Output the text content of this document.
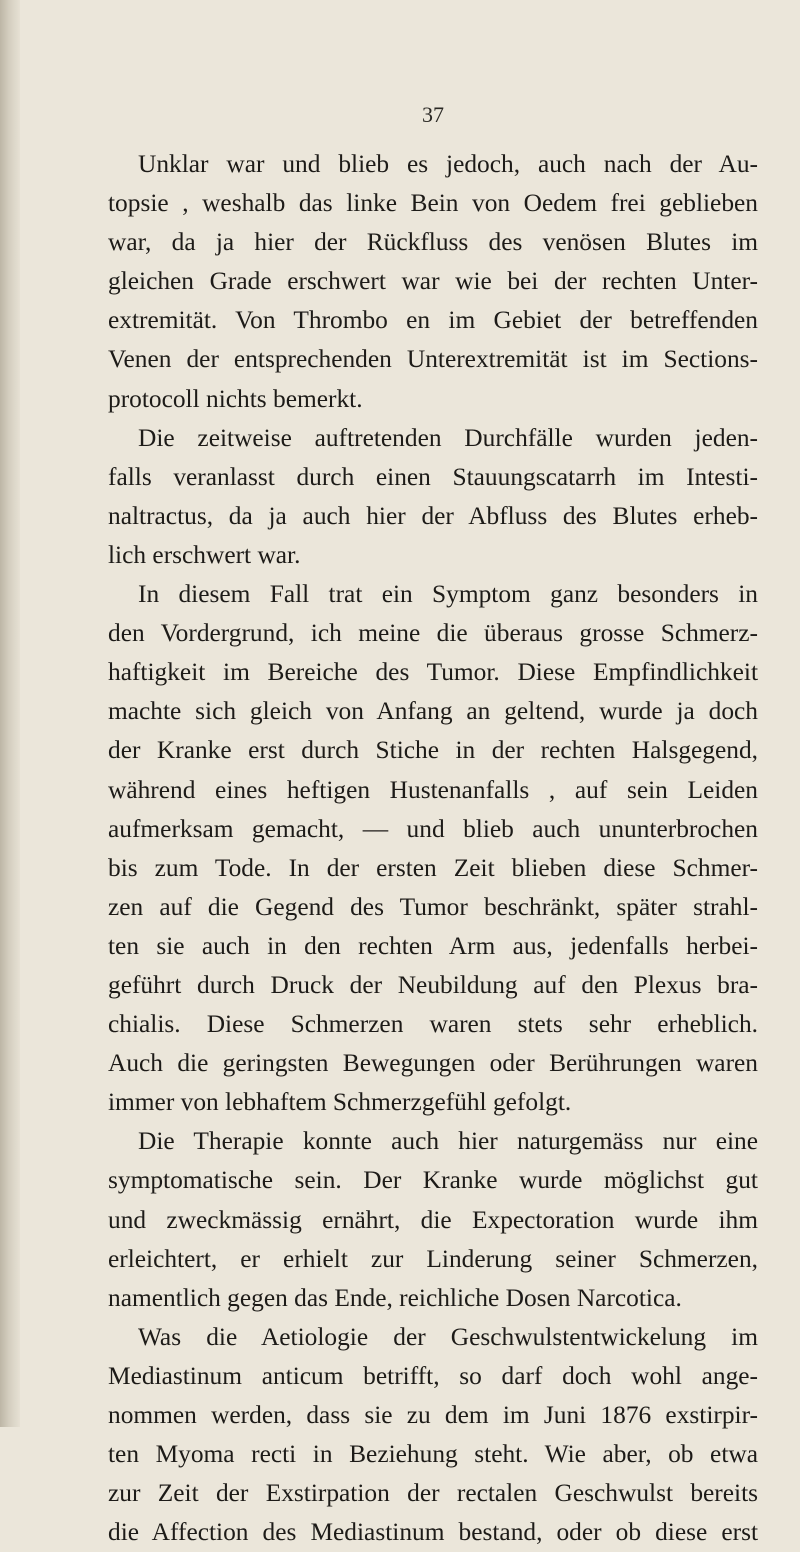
37
Unklar war und blieb es jedoch, auch nach der Au-
topsie , weshalb das linke Bein von Oedem frei geblieben
war, da ja hier der Rückfluss des venösen Blutes im
gleichen Grade erschwert war wie bei der rechten Unter-
extremität. Von Thrombo en im Gebiet der betreffenden
Venen der entsprechenden Unterextremität ist im Sections-
protocoll nichts bemerkt.
Die zeitweise auftretenden Durchfälle wurden jeden-
falls veranlasst durch einen Stauungscatarrh im Intesti-
naltractus, da ja auch hier der Abfluss des Blutes erheb-
lich erschwert war.
In diesem Fall trat ein Symptom ganz besonders in
den Vordergrund, ich meine die überaus grosse Schmerz-
haftigkeit im Bereiche des Tumor. Diese Empfindlichkeit
machte sich gleich von Anfang an geltend, wurde ja doch
der Kranke erst durch Stiche in der rechten Halsgegend,
während eines heftigen Hustenanfalls , auf sein Leiden
aufmerksam gemacht, — und blieb auch ununterbrochen
bis zum Tode. In der ersten Zeit blieben diese Schmer-
zen auf die Gegend des Tumor beschränkt, später strahl-
ten sie auch in den rechten Arm aus, jedenfalls herbei-
geführt durch Druck der Neubildung auf den Plexus bra-
chialis. Diese Schmerzen waren stets sehr erheblich.
Auch die geringsten Bewegungen oder Berührungen waren
immer von lebhaftem Schmerzgefühl gefolgt.
Die Therapie konnte auch hier naturgemäss nur eine
symptomatische sein. Der Kranke wurde möglichst gut
und zweckmässig ernährt, die Expectoration wurde ihm
erleichtert, er erhielt zur Linderung seiner Schmerzen,
namentlich gegen das Ende, reichliche Dosen Narcotica.
Was die Aetiologie der Geschwulstentwickelung im
Mediastinum anticum betrifft, so darf doch wohl ange-
nommen werden, dass sie zu dem im Juni 1876 exstirpir-
ten Myoma recti in Beziehung steht. Wie aber, ob etwa
zur Zeit der Exstirpation der rectalen Geschwulst bereits
die Affection des Mediastinum bestand, oder ob diese erst
